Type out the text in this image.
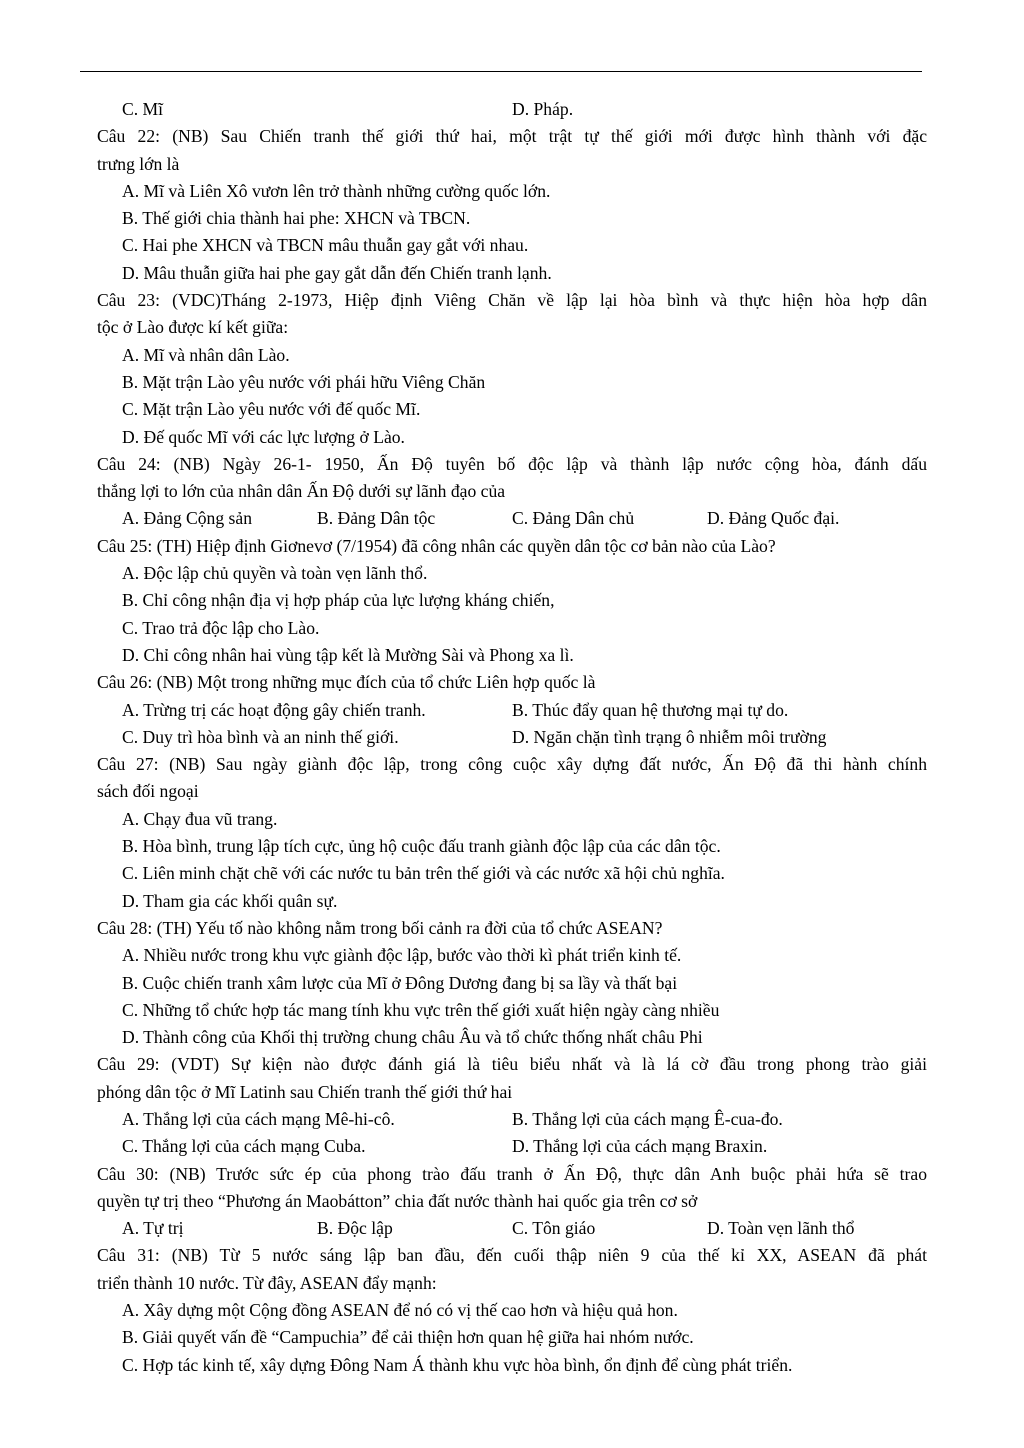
C. Mĩ	D. Pháp.
Câu 22: (NB) Sau Chiến tranh thế giới thứ hai, một trật tự thế giới mới được hình thành với đặc
trưng lớn là
A. Mĩ và Liên Xô vươn lên trở thành những cường quốc lớn.
B. Thế giới chia thành hai phe: XHCN và TBCN.
C. Hai phe XHCN và TBCN mâu thuẫn gay gắt với nhau.
D. Mâu thuẫn giữa hai phe gay gắt dẫn đến Chiến tranh lạnh.
Câu 23: (VDC)Tháng 2-1973, Hiệp định Viêng Chăn về lập lại hòa bình và thực hiện hòa hợp dân
tộc ở Lào được kí kết giữa:
A. Mĩ và nhân dân Lào.
B. Mặt trận Lào yêu nước với phái hữu Viêng Chăn
C. Mặt trận Lào yêu nước với đế quốc Mĩ.
D. Đế quốc Mĩ với các lực lượng ở Lào.
Câu 24: (NB) Ngày 26-1- 1950, Ấn Độ tuyên bố độc lập và thành lập nước cộng hòa, đánh dấu
thắng lợi to lớn của nhân dân Ấn Độ dưới sự lãnh đạo của
A. Đảng Cộng sản	B. Đảng Dân tộc	C. Đảng Dân chủ	D. Đảng Quốc đại.
Câu 25: (TH) Hiệp định Giơnevơ (7/1954) đã công nhân các quyền dân tộc cơ bản nào của Lào?
A. Độc lập chủ quyền và toàn vẹn lãnh thổ.
B. Chỉ công nhận địa vị hợp pháp của lực lượng kháng chiến,
C. Trao trả độc lập cho Lào.
D. Chỉ công nhân hai vùng tập kết là Mường Sài và Phong xa lì.
Câu 26: (NB) Một trong những mục đích của tổ chức Liên hợp quốc là
A. Trừng trị các hoạt động gây chiến tranh.	B. Thúc đẩy quan hệ thương mại tự do.
C. Duy trì hòa bình và an ninh thế giới.	D. Ngăn chặn tình trạng ô nhiễm môi trường
Câu 27: (NB) Sau ngày giành độc lập, trong công cuộc xây dựng đất nước, Ấn Độ đã thi hành chính
sách đối ngoại
A. Chạy đua vũ trang.
B. Hòa bình, trung lập tích cực, ủng hộ cuộc đấu tranh giành độc lập của các dân tộc.
C. Liên minh chặt chẽ với các nước tu bản trên thế giới và các nước xã hội chủ nghĩa.
D. Tham gia các khối quân sự.
Câu 28: (TH) Yếu tố nào không nằm trong bối cảnh ra đời của tổ chức ASEAN?
A. Nhiều nước trong khu vực giành độc lập, bước vào thời kì phát triển kinh tế.
B. Cuộc chiến tranh xâm lược của Mĩ ở Đông Dương đang bị sa lầy và thất bại
C. Những tổ chức hợp tác mang tính khu vực trên thế giới xuất hiện ngày càng nhiều
D. Thành công của Khối thị trường chung châu Âu và tổ chức thống nhất châu Phi
Câu 29: (VDT) Sự kiện nào được đánh giá là tiêu biểu nhất và là lá cờ đầu trong phong trào giải
phóng dân tộc ở Mĩ Latinh sau Chiến tranh thế giới thứ hai
A. Thắng lợi của cách mạng Mê-hi-cô.	B. Thắng lợi của cách mạng Ê-cua-đo.
C. Thắng lợi của cách mạng Cuba.	D. Thắng lợi của cách mạng Braxin.
Câu 30: (NB) Trước sức ép của phong trào đấu tranh ở Ấn Độ, thực dân Anh buộc phải hứa sẽ trao
quyền tự trị theo “Phương án Maobátton” chia đất nước thành hai quốc gia trên cơ sở
A. Tự trị	B. Độc lập	C. Tôn giáo	D. Toàn vẹn lãnh thổ
Câu 31: (NB) Từ 5 nước sáng lập ban đầu, đến cuối thập niên 9 của thế kỉ XX, ASEAN đã phát
triển thành 10 nước. Từ đây, ASEAN đẩy mạnh:
A. Xây dựng một Cộng đồng ASEAN để nó có vị thế cao hơn và hiệu quả hon.
B. Giải quyết vấn đề “Campuchia” để cải thiện hơn quan hệ giữa hai nhóm nước.
C. Hợp tác kinh tế, xây dựng Đông Nam Á thành khu vực hòa bình, ổn định để cùng phát triển.
